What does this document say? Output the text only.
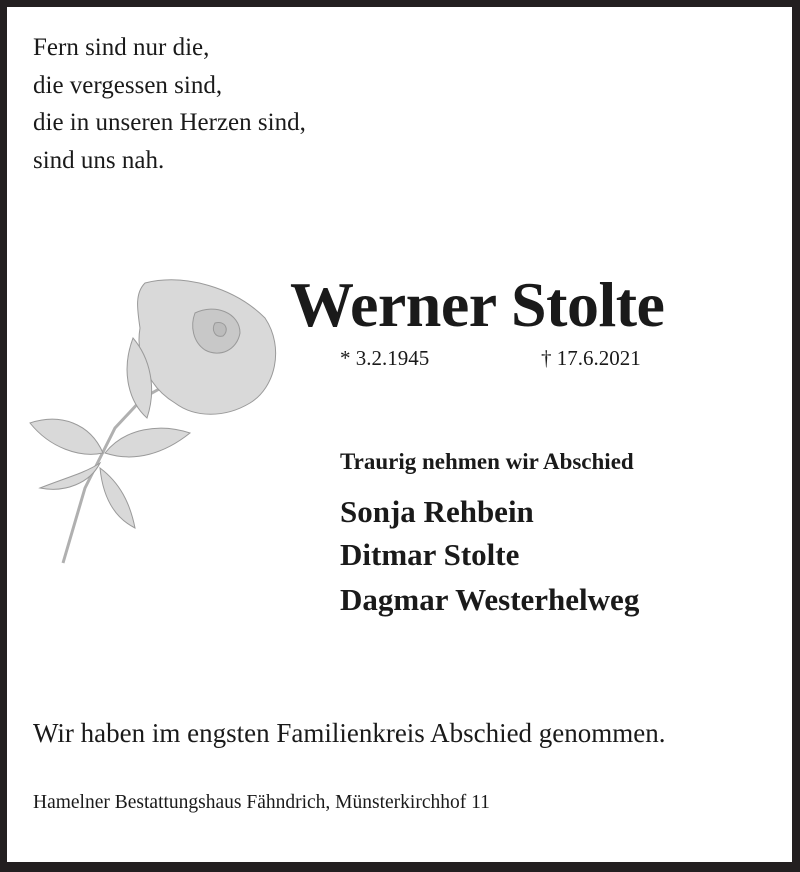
Fern sind nur die,
die vergessen sind,
die in unseren Herzen sind,
sind uns nah.
Werner Stolte
* 3.2.1945	† 17.6.2021
Traurig nehmen wir Abschied
Sonja Rehbein
Ditmar Stolte
Dagmar Westerhelweg
Wir haben im engsten Familienkreis Abschied genommen.
Hamelner Bestattungshaus Fähndrich, Münsterkirchhof 11
